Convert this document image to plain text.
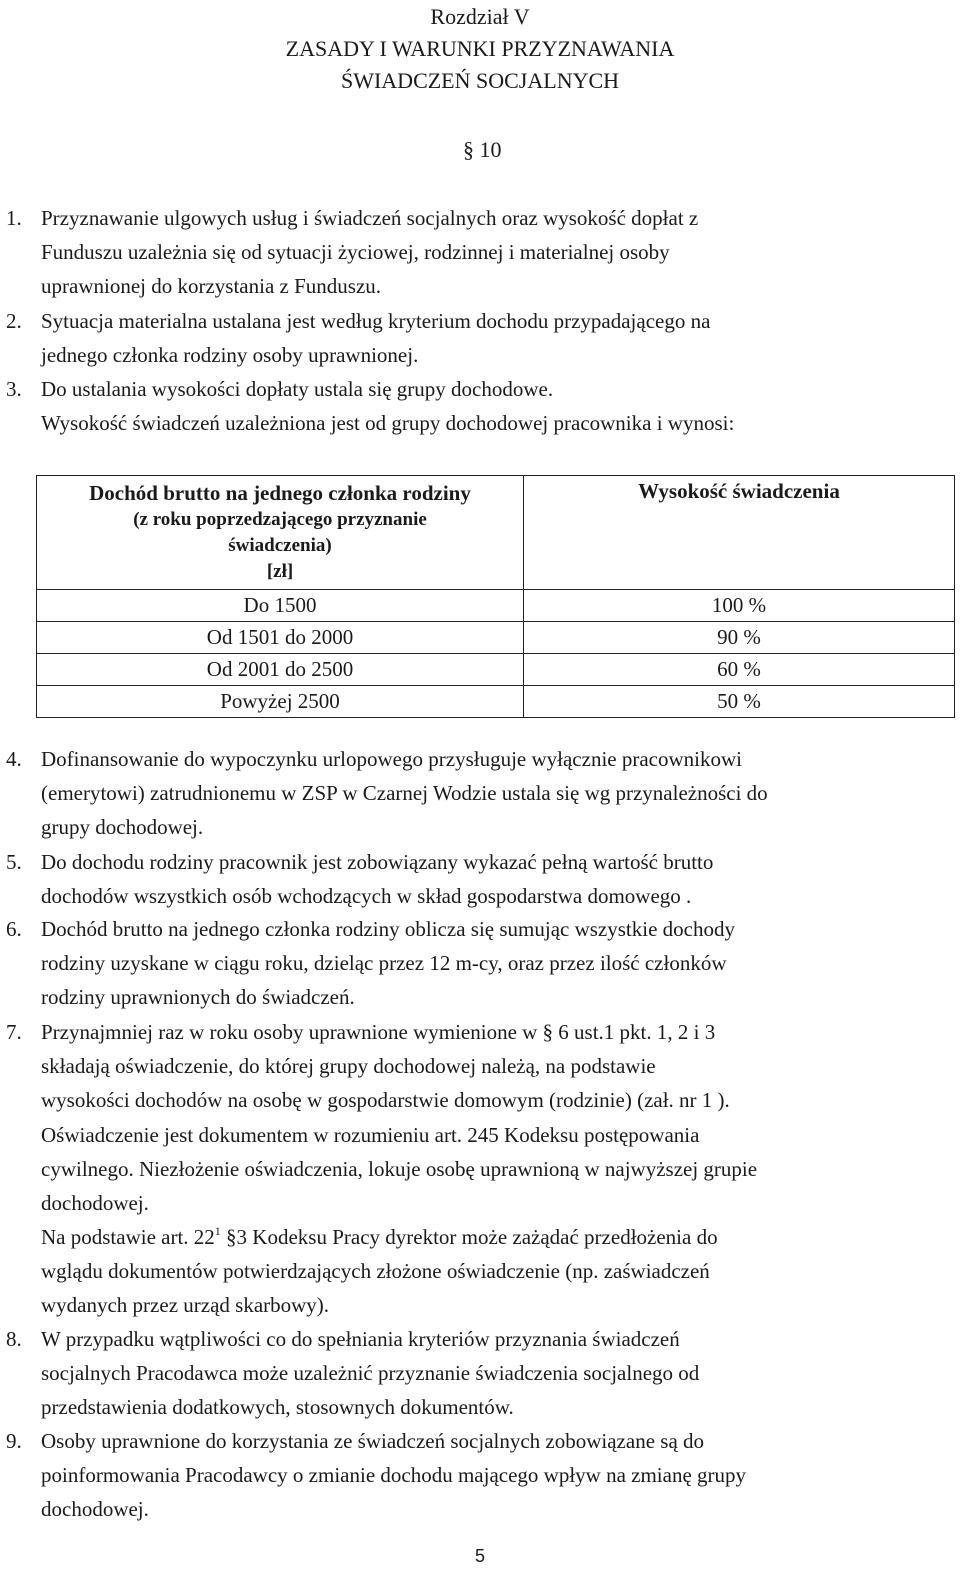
Rozdział V
ZASADY I WARUNKI PRZYZNAWANIA
ŚWIADCZEŃ SOCJALNYCH
§ 10
1. Przyznawanie ulgowych usług i świadczeń socjalnych oraz wysokość dopłat z
Funduszu uzależnia się od sytuacji życiowej, rodzinnej i materialnej osoby
uprawnionej do korzystania z Funduszu.
2. Sytuacja materialna ustalana jest według kryterium dochodu przypadającego na
jednego członka rodziny osoby uprawnionej.
3. Do ustalania wysokości dopłaty ustala się grupy dochodowe.
Wysokość świadczeń uzależniona jest od grupy dochodowej pracownika i wynosi:
Dochód brutto na jednego członka rodziny
(z roku poprzedzającego przyznanie
świadczenia)
[zł]	Wysokość świadczenia
Do 1500	100 %
Od 1501 do 2000	90 %
Od 2001 do 2500	60 %
Powyżej 2500	50 %
4. Dofinansowanie do wypoczynku urlopowego przysługuje wyłącznie pracownikowi
(emerytowi) zatrudnionemu w ZSP w Czarnej Wodzie ustala się wg przynależności do
grupy dochodowej.
5. Do dochodu rodziny pracownik jest zobowiązany wykazać pełną wartość brutto
dochodów wszystkich osób wchodzących w skład gospodarstwa domowego .
6. Dochód brutto na jednego członka rodziny oblicza się sumując wszystkie dochody
rodziny uzyskane w ciągu roku, dzieląc przez 12 m-cy, oraz przez ilość członków
rodziny uprawnionych do świadczeń.
7. Przynajmniej raz w roku osoby uprawnione wymienione w § 6 ust.1 pkt. 1, 2 i 3
składają oświadczenie, do której grupy dochodowej należą, na podstawie
wysokości dochodów na osobę w gospodarstwie domowym (rodzinie) (zał. nr 1 ).
Oświadczenie jest dokumentem w rozumieniu art. 245 Kodeksu postępowania
cywilnego. Niezłożenie oświadczenia, lokuje osobę uprawnioną w najwyższej grupie
dochodowej.
Na podstawie art. $22^1$ §3 Kodeksu Pracy dyrektor może zażądać przedłożenia do
wglądu dokumentów potwierdzających złożone oświadczenie (np. zaświadczeń
wydanych przez urząd skarbowy).
8. W przypadku wątpliwości co do spełniania kryteriów przyznania świadczeń
socjalnych Pracodawca może uzależnić przyznanie świadczenia socjalnego od
przedstawienia dodatkowych, stosownych dokumentów.
9. Osoby uprawnione do korzystania ze świadczeń socjalnych zobowiązane są do
poinformowania Pracodawcy o zmianie dochodu mającego wpływ na zmianę grupy
dochodowej.
5
